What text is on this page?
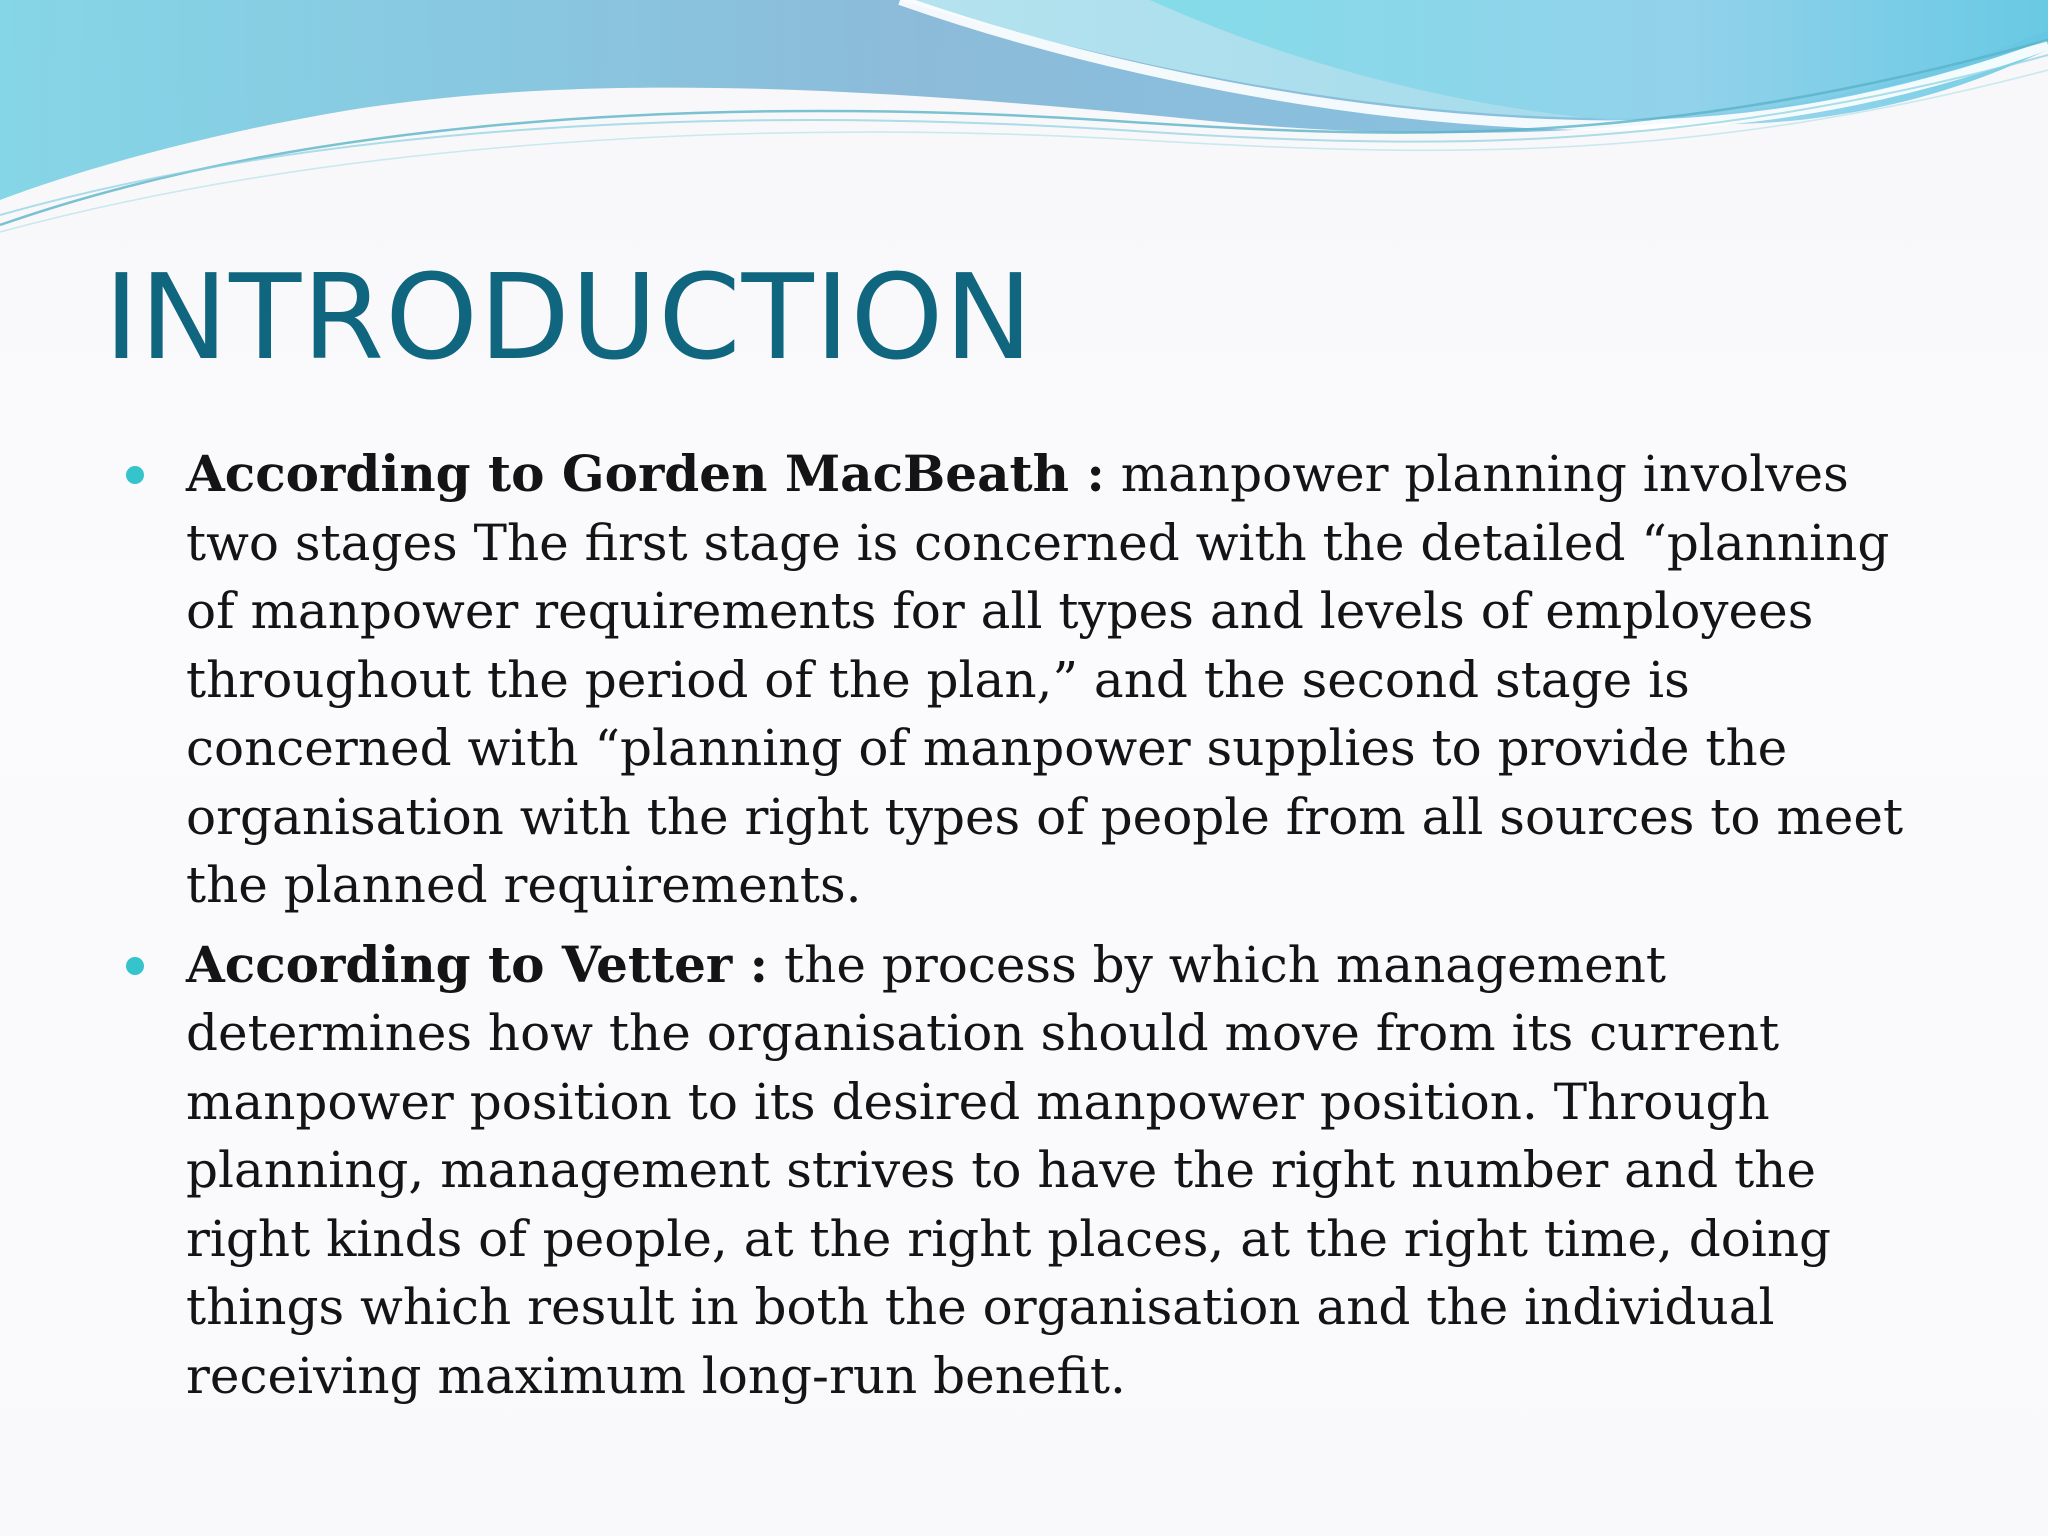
INTRODUCTION
According to Gorden MacBeath : manpower planning involves two stages The first stage is concerned with the detailed “planning of manpower requirements for all types and levels of employees throughout the period of the plan,” and the second stage is concerned with “planning of manpower supplies to provide the organisation with the right types of people from all sources to meet the planned requirements.
According to Vetter : the process by which management determines how the organisation should move from its current manpower position to its desired manpower position. Through planning, management strives to have the right number and the right kinds of people, at the right places, at the right time, doing things which result in both the organisation and the individual receiving maximum long-run benefit.
